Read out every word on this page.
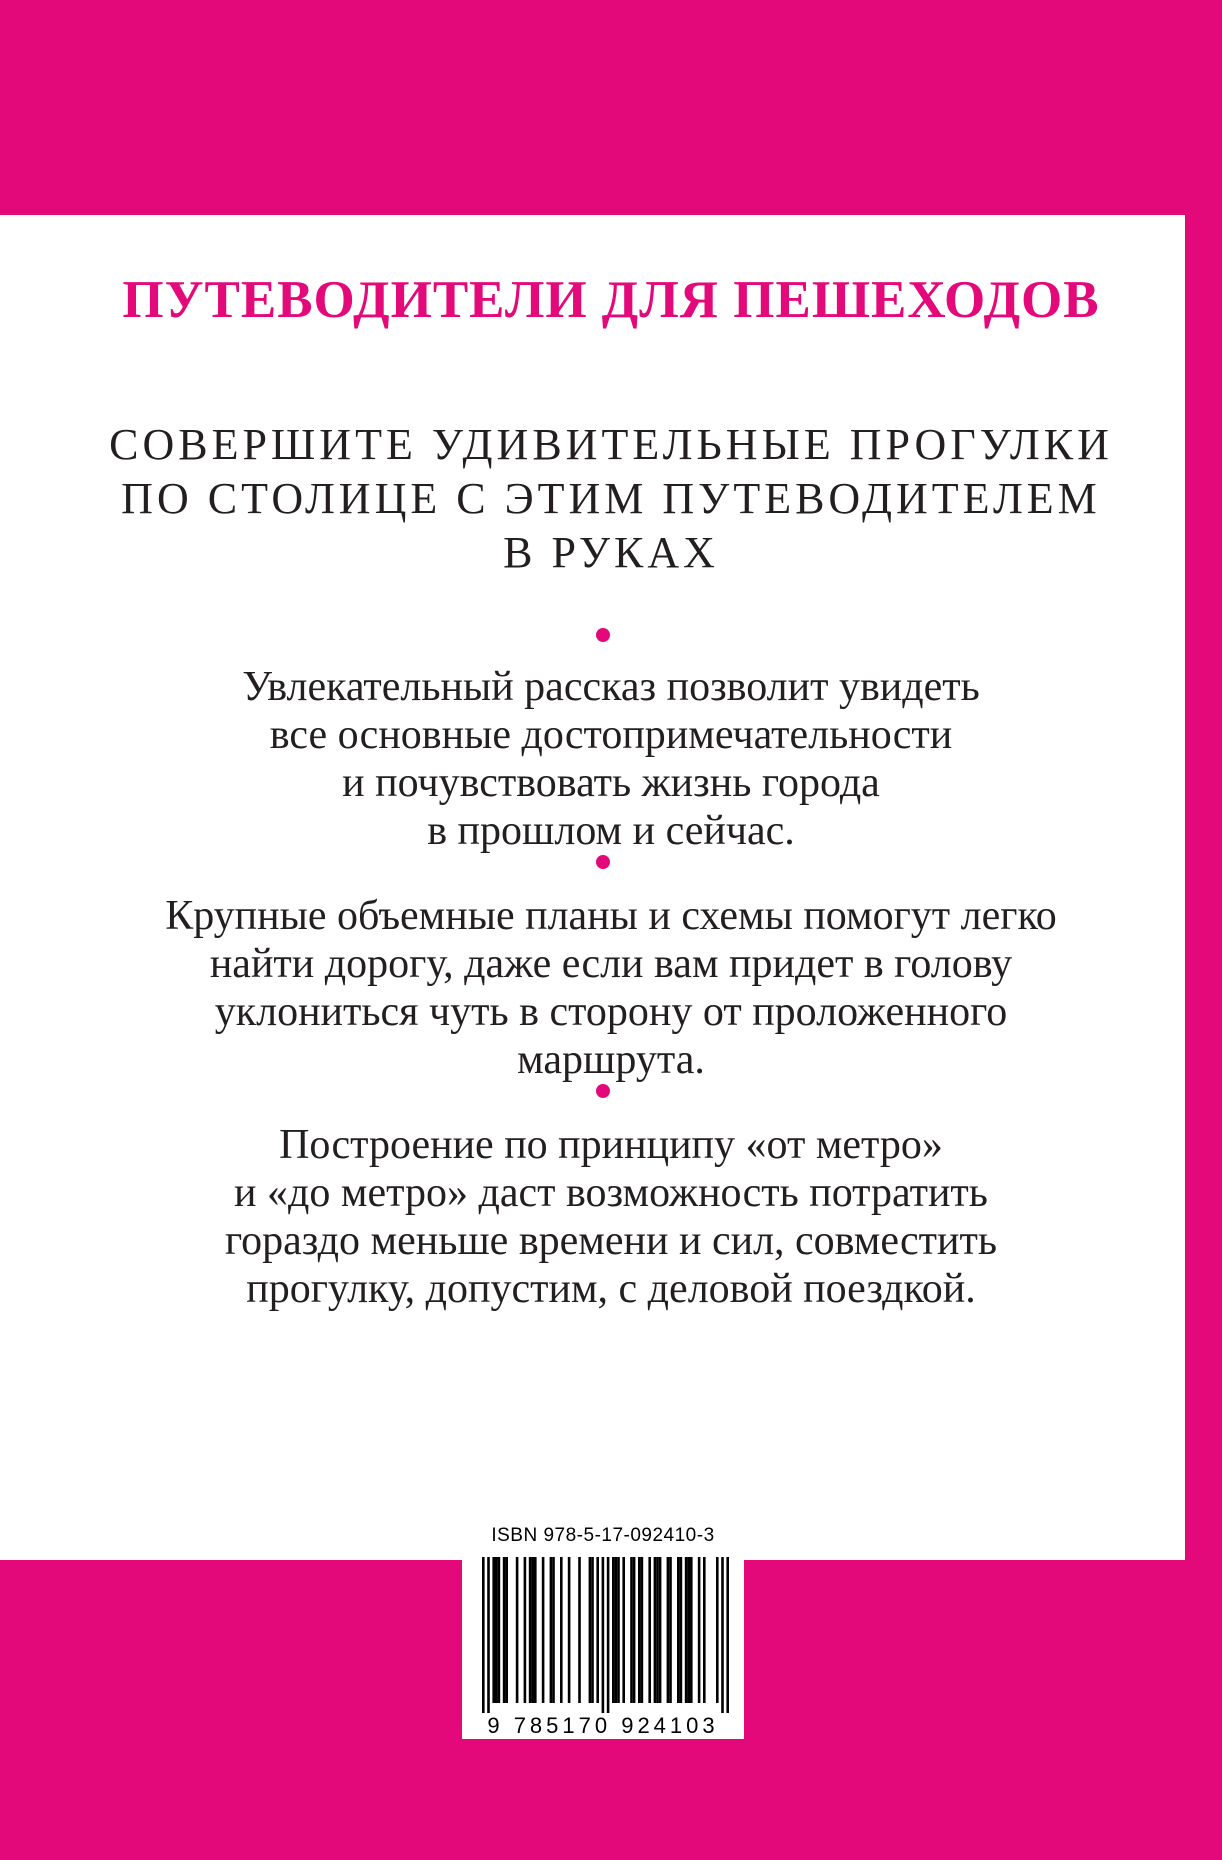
ПУТЕВОДИТЕЛИ ДЛЯ ПЕШЕХОДОВ
СОВЕРШИТЕ УДИВИТЕЛЬНЫЕ ПРОГУЛКИ
ПО СТОЛИЦЕ С ЭТИМ ПУТЕВОДИТЕЛЕМ
В РУКАХ
Увлекательный рассказ позволит увидеть
все основные достопримечательности
и почувствовать жизнь города
в прошлом и сейчас.
Крупные объемные планы и схемы помогут легко
найти дорогу, даже если вам придет в голову
уклониться чуть в сторону от проложенного
маршрута.
Построение по принципу «от метро»
и «до метро» даст возможность потратить
гораздо меньше времени и сил, совместить
прогулку, допустим, с деловой поездкой.
ISBN 978-5-17-092410-3
9 785170 924103
